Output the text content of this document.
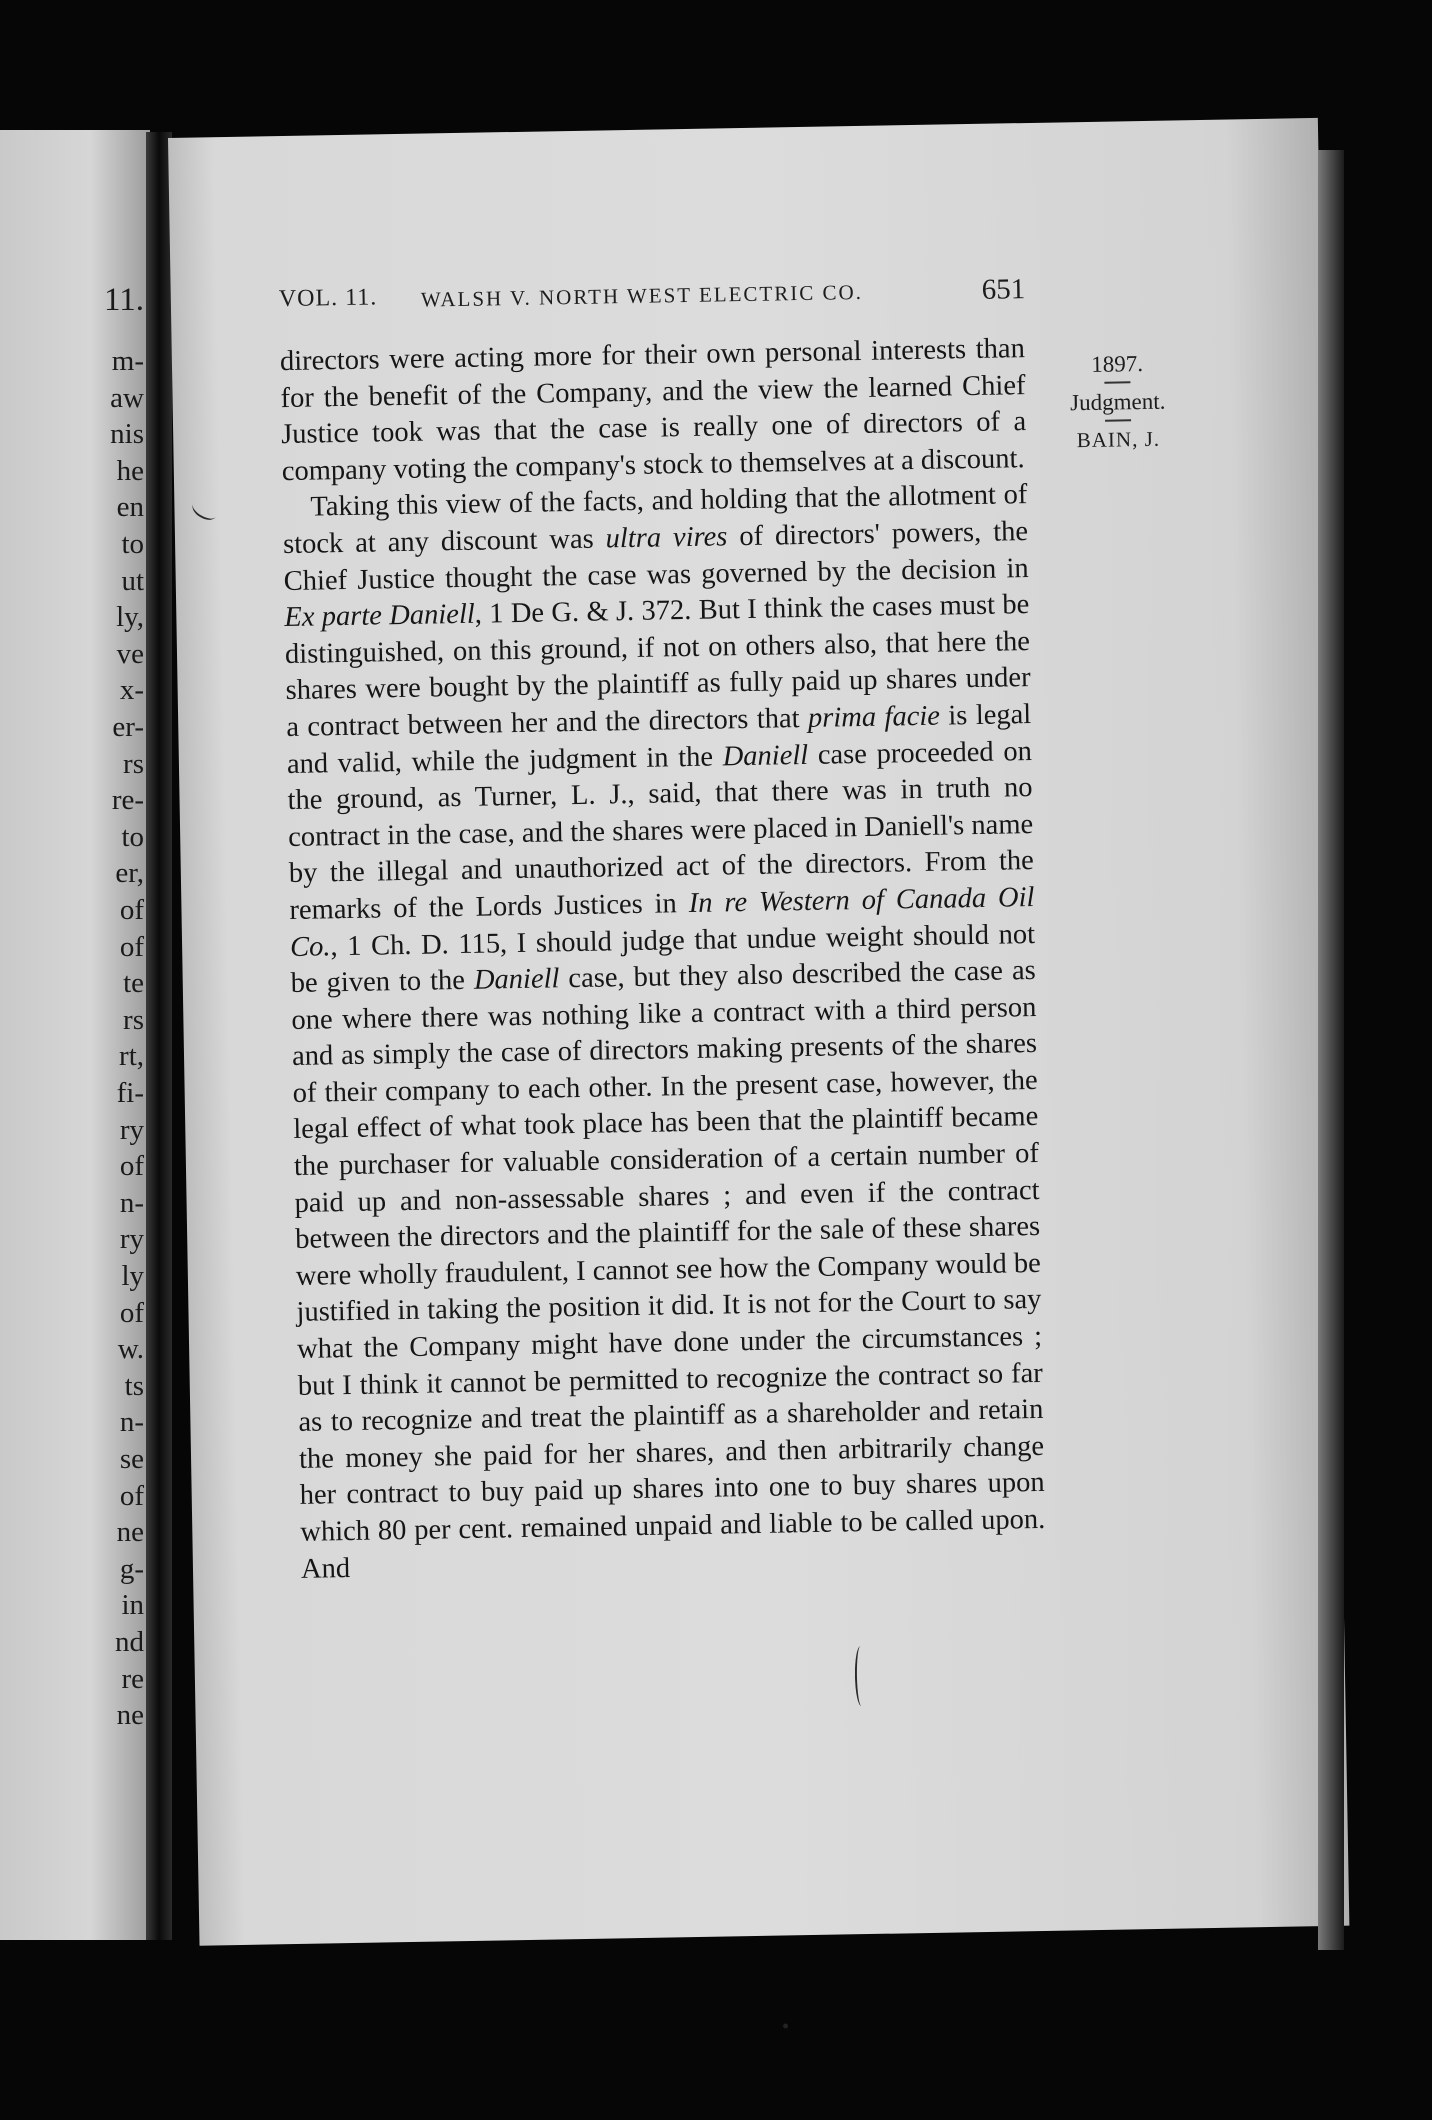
11.
m-
aw
nis
he
en
to
ut
ly,
ve
x-
er-
rs
re-
to
er,
of
of
te
rs
rt,
fi-
ry
of
n-
ry
ly
of
w.
ts
n-
se
of
ne
g-
in
nd
re
ne
VOL. 11. WALSH V. NORTH WEST ELECTRIC CO.	651
1897.
Judgment.
BAIN, J.

directors were acting more for their own personal interests than for the benefit of the Company, and the view the learned Chief Justice took was that the case is really one of directors of a company voting the company's stock to themselves at a discount.

Taking this view of the facts, and holding that the allotment of stock at any discount was ultra vires of directors' powers, the Chief Justice thought the case was governed by the decision in Ex parte Daniell, 1 De G. & J. 372. But I think the cases must be distinguished, on this ground, if not on others also, that here the shares were bought by the plaintiff as fully paid up shares under a contract between her and the directors that prima facie is legal and valid, while the judgment in the Daniell case proceeded on the ground, as Turner, L. J., said, that there was in truth no contract in the case, and the shares were placed in Daniell's name by the illegal and unauthorized act of the directors. From the remarks of the Lords Justices in In re Western of Canada Oil Co., 1 Ch. D. 115, I should judge that undue weight should not be given to the Daniell case, but they also described the case as one where there was nothing like a contract with a third person and as simply the case of directors making presents of the shares of their company to each other. In the present case, however, the legal effect of what took place has been that the plaintiff became the purchaser for valuable consideration of a certain number of paid up and non-assessable shares ; and even if the contract between the directors and the plaintiff for the sale of these shares were wholly fraudulent, I cannot see how the Company would be justified in taking the position it did. It is not for the Court to say what the Company might have done under the circumstances ; but I think it cannot be permitted to recognize the contract so far as to recognize and treat the plaintiff as a shareholder and retain the money she paid for her shares, and then arbitrarily change her contract to buy paid up shares into one to buy shares upon which 80 per cent. remained unpaid and liable to be called upon. And
